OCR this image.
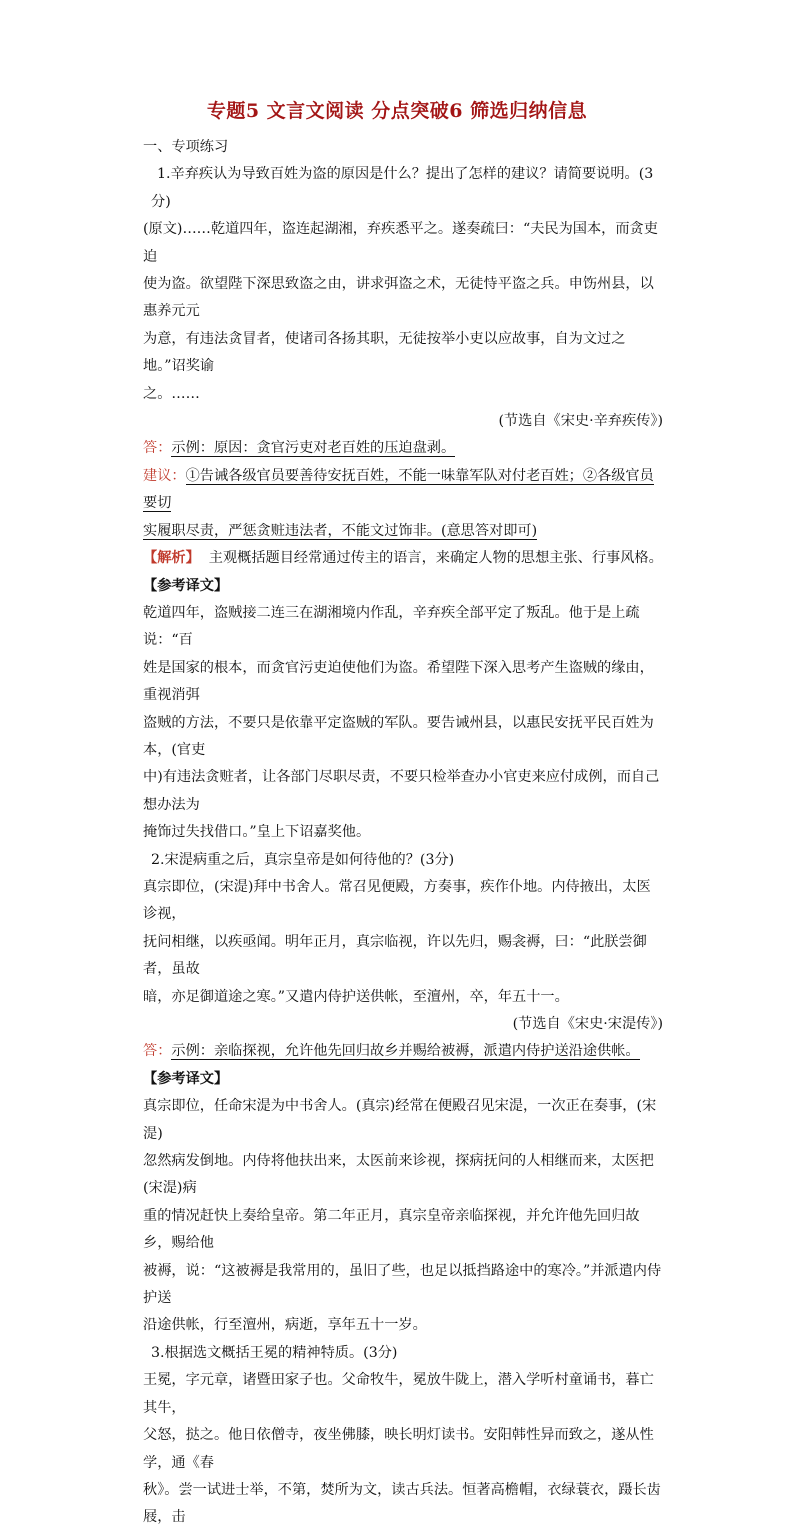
专题5 文言文阅读 分点突破6 筛选归纳信息

一、专项练习

1.辛弃疾认为导致百姓为盗的原因是什么？提出了怎样的建议？请简要说明。(3分)

(原文)……乾道四年，盗连起湖湘，弃疾悉平之。遂奏疏曰：“夫民为国本，而贪吏迫

使为盗。欲望陛下深思致盗之由，讲求弭盗之术，无徒恃平盗之兵。申饬州县，以惠养元元

为意，有违法贪冒者，使诸司各扬其职，无徒按举小吏以应故事，自为文过之地。”诏奖谕

之。……

(节选自《宋史·辛弃疾传》)

答：示例：原因：贪官污吏对老百姓的压迫盘剥。

建议：①告诫各级官员要善待安抚百姓，不能一味靠军队对付老百姓；②各级官员要切

实履职尽责，严惩贪赃违法者，不能文过饰非。(意思答对即可)

【解析】 主观概括题目经常通过传主的语言，来确定人物的思想主张、行事风格。

【参考译文】

乾道四年，盗贼接二连三在湖湘境内作乱，辛弃疾全部平定了叛乱。他于是上疏说：“百

姓是国家的根本，而贪官污吏迫使他们为盗。希望陛下深入思考产生盗贼的缘由，重视消弭

盗贼的方法，不要只是依靠平定盗贼的军队。要告诫州县，以惠民安抚平民百姓为本，(官吏

中)有违法贪赃者，让各部门尽职尽责，不要只检举查办小官吏来应付成例，而自己想办法为

掩饰过失找借口。”皇上下诏嘉奖他。

2.宋湜病重之后，真宗皇帝是如何待他的？(3分)

真宗即位，(宋湜)拜中书舍人。常召见便殿，方奏事，疾作仆地。内侍掖出，太医诊视，

抚问相继，以疾亟闻。明年正月，真宗临视，许以先归，赐衾褥，曰：“此朕尝御者，虽故

暗，亦足御道途之寒。”又遣内侍护送供帐，至澶州，卒，年五十一。

(节选自《宋史·宋湜传》)

答：示例：亲临探视，允许他先回归故乡并赐给被褥，派遣内侍护送沿途供帐。

【参考译文】

真宗即位，任命宋湜为中书舍人。(真宗)经常在便殿召见宋湜，一次正在奏事，(宋湜)

忽然病发倒地。内侍将他扶出来，太医前来诊视，探病抚问的人相继而来，太医把(宋湜)病

重的情况赶快上奏给皇帝。第二年正月，真宗皇帝亲临探视，并允许他先回归故乡，赐给他

被褥，说：“这被褥是我常用的，虽旧了些，也足以抵挡路途中的寒冷。”并派遣内侍护送

沿途供帐，行至澶州，病逝，享年五十一岁。

3.根据选文概括王冕的精神特质。(3分)

王冕，字元章，诸暨田家子也。父命牧牛，冕放牛陇上，潜入学听村童诵书，暮亡其牛，

父怒，挞之。他日依僧寺，夜坐佛膝，映长明灯读书。安阳韩性异而致之，遂从性学，通《春

秋》。尝一试进士举，不第，焚所为文，读古兵法。恒著高檐帽，衣绿蓑衣，蹑长齿屐，击
